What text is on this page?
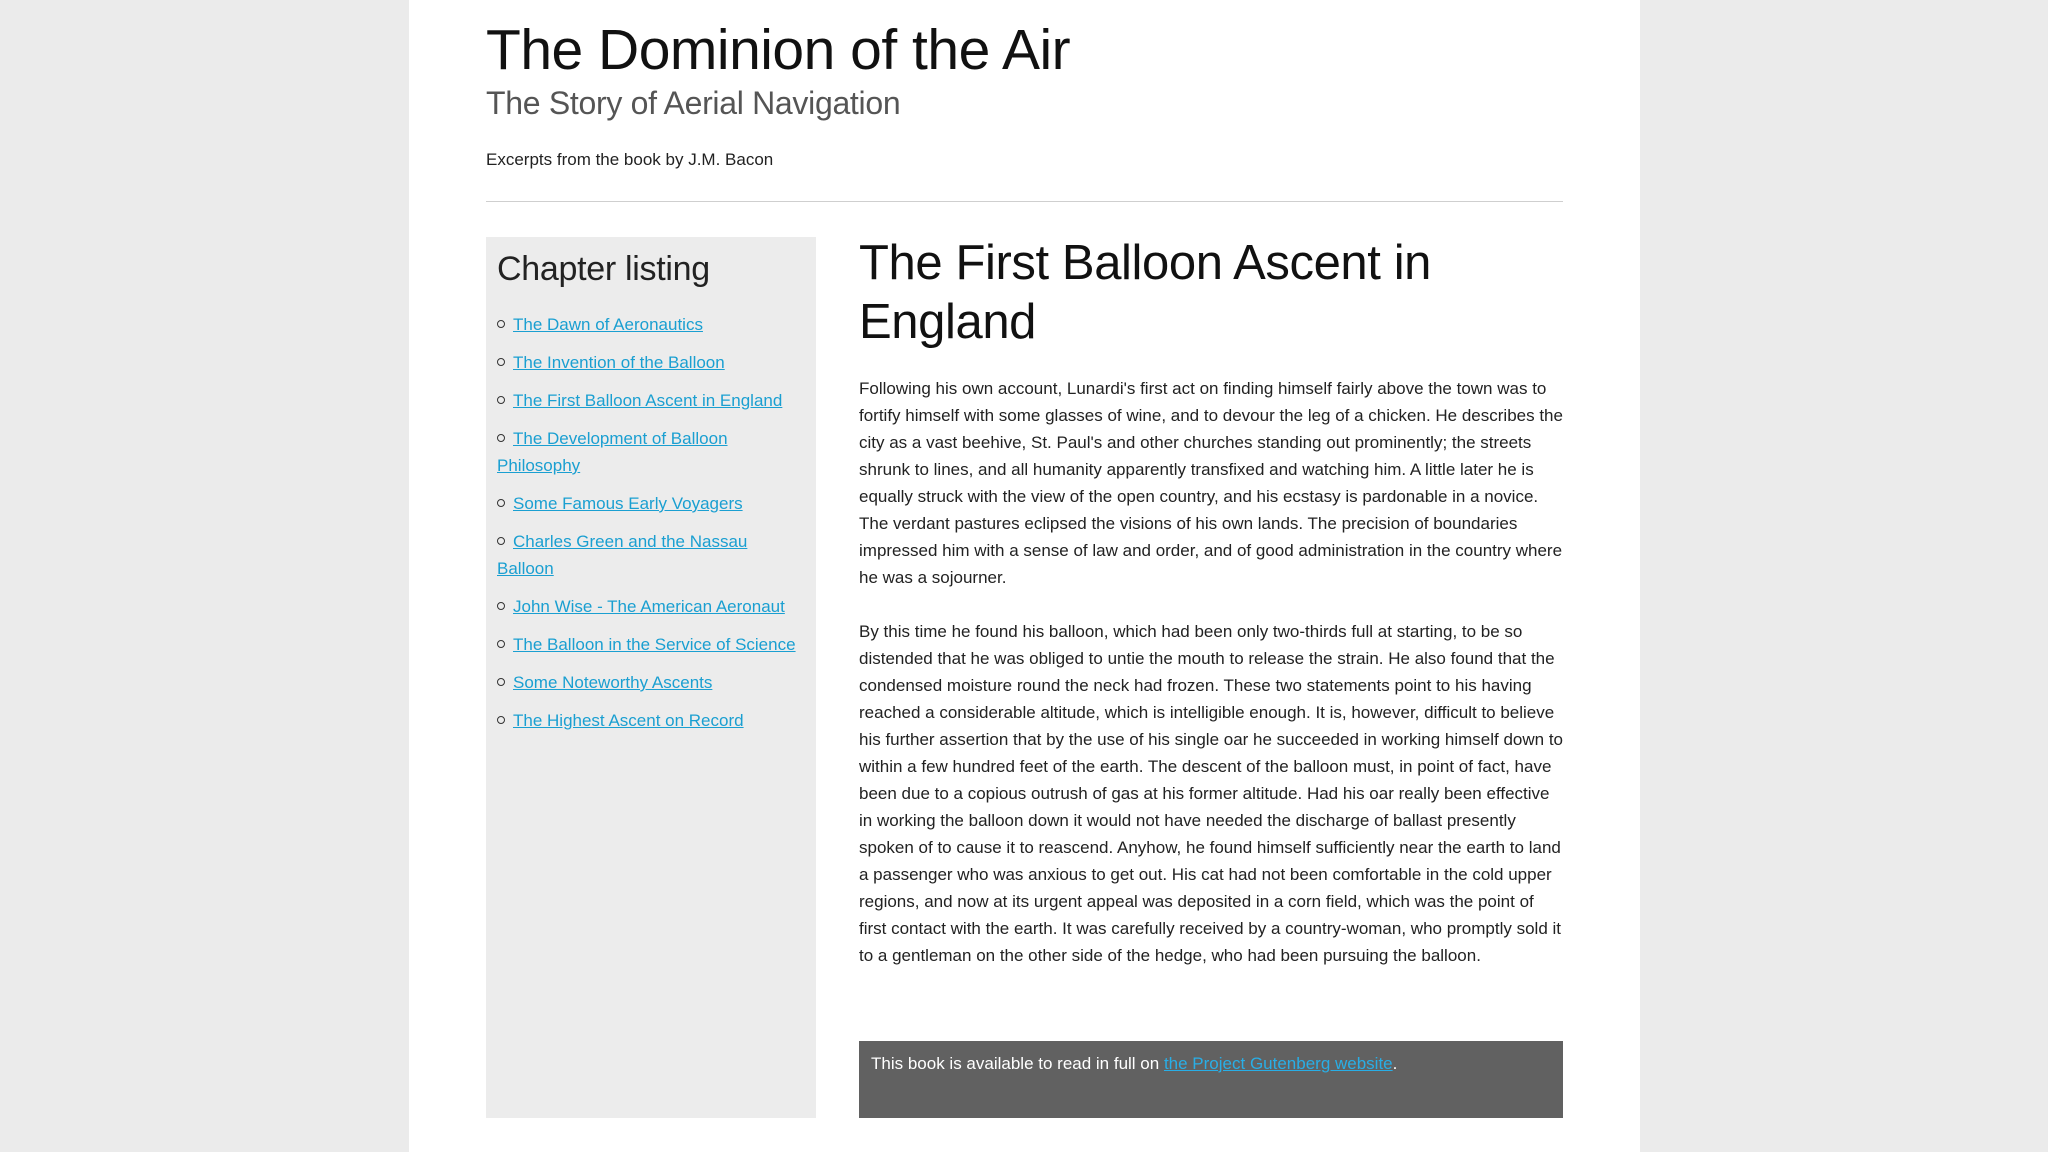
The Dominion of the Air
The Story of Aerial Navigation

Excerpts from the book by J.M. Bacon

Chapter listing
The Dawn of Aeronautics
The Invention of the Balloon
The First Balloon Ascent in England
The Development of Balloon Philosophy
Some Famous Early Voyagers
Charles Green and the Nassau Balloon
John Wise - The American Aeronaut
The Balloon in the Service of Science
Some Noteworthy Ascents
The Highest Ascent on Record
The First Balloon Ascent in England

Following his own account, Lunardi's first act on finding himself fairly above the town was to fortify himself with some glasses of wine, and to devour the leg of a chicken. He describes the city as a vast beehive, St. Paul's and other churches standing out prominently; the streets shrunk to lines, and all humanity apparently transfixed and watching him. A little later he is equally struck with the view of the open country, and his ecstasy is pardonable in a novice. The verdant pastures eclipsed the visions of his own lands. The precision of boundaries impressed him with a sense of law and order, and of good administration in the country where he was a sojourner.

By this time he found his balloon, which had been only two-thirds full at starting, to be so distended that he was obliged to untie the mouth to release the strain. He also found that the condensed moisture round the neck had frozen. These two statements point to his having reached a considerable altitude, which is intelligible enough. It is, however, difficult to believe his further assertion that by the use of his single oar he succeeded in working himself down to within a few hundred feet of the earth. The descent of the balloon must, in point of fact, have been due to a copious outrush of gas at his former altitude. Had his oar really been effective in working the balloon down it would not have needed the discharge of ballast presently spoken of to cause it to reascend. Anyhow, he found himself sufficiently near the earth to land a passenger who was anxious to get out. His cat had not been comfortable in the cold upper regions, and now at its urgent appeal was deposited in a corn field, which was the point of first contact with the earth. It was carefully received by a country-woman, who promptly sold it to a gentleman on the other side of the hedge, who had been pursuing the balloon.

This book is available to read in full on the Project Gutenberg website.
